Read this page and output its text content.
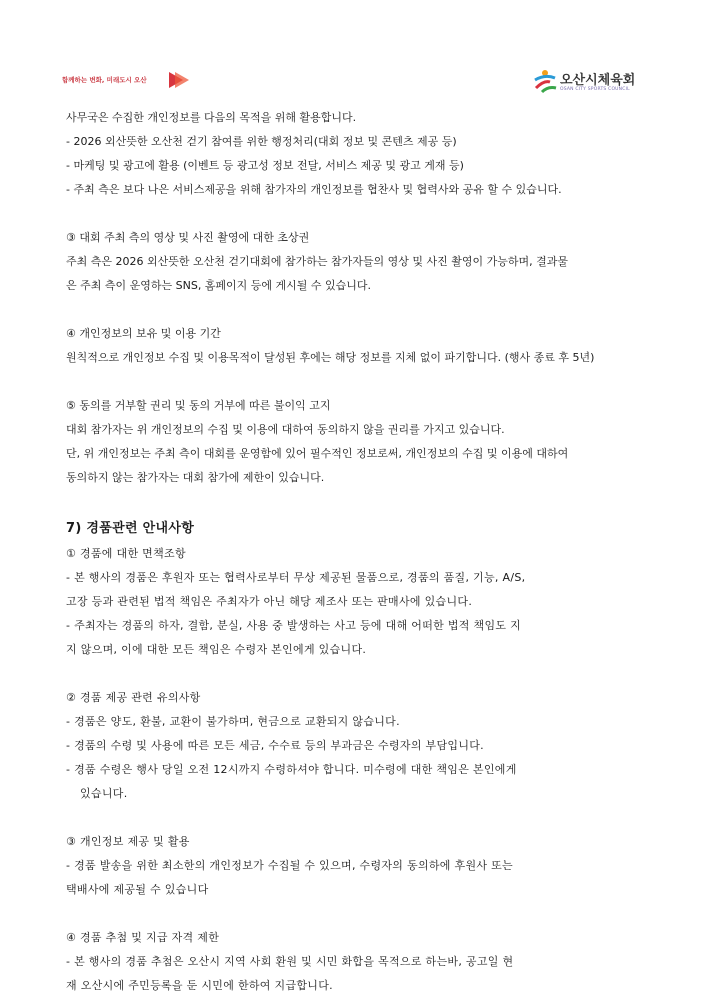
함께하는 변화, 미래도시 오산	오산시체육회
OSAN CITY SPORTS COUNCIL

사무국은 수집한 개인정보를 다음의 목적을 위해 활용합니다.

- 2026 외산뜻한 오산천 걷기 참여를 위한 행정처리(대회 정보 및 콘텐츠 제공 등)

- 마케팅 및 광고에 활용 (이벤트 등 광고성 정보 전달, 서비스 제공 및 광고 게재 등)

- 주최 측은 보다 나은 서비스제공을 위해 참가자의 개인정보를 협찬사 및 협력사와 공유 할 수 있습니다.

③ 대회 주최 측의 영상 및 사진 촬영에 대한 초상권

주최 측은 2026 외산뜻한 오산천 걷기대회에 참가하는 참가자들의 영상 및 사진 촬영이 가능하며, 결과물

은 주최 측이 운영하는 SNS, 홈페이지 등에 게시될 수 있습니다.

④ 개인정보의 보유 및 이용 기간

원칙적으로 개인정보 수집 및 이용목적이 달성된 후에는 해당 정보를 지체 없이 파기합니다. (행사 종료 후 5년)

⑤ 동의를 거부할 권리 및 동의 거부에 따른 불이익 고지

대회 참가자는 위 개인정보의 수집 및 이용에 대하여 동의하지 않을 권리를 가지고 있습니다.

단, 위 개인정보는 주최 측이 대회를 운영함에 있어 필수적인 정보로써, 개인정보의 수집 및 이용에 대하여

동의하지 않는 참가자는 대회 참가에 제한이 있습니다.

7) 경품관련 안내사항

① 경품에 대한 면책조항

- 본 행사의 경품은 후원자 또는 협력사로부터 무상 제공된 물품으로, 경품의 품질, 기능, A/S,

고장 등과 관련된 법적 책임은 주최자가 아닌 해당 제조사 또는 판매사에 있습니다.

- 주최자는 경품의 하자, 결함, 분실, 사용 중 발생하는 사고 등에 대해 어떠한 법적 책임도 지

지 않으며, 이에 대한 모든 책임은 수령자 본인에게 있습니다.

② 경품 제공 관련 유의사항

- 경품은 양도, 환불, 교환이 불가하며, 현금으로 교환되지 않습니다.

- 경품의 수령 및 사용에 따른 모든 세금, 수수료 등의 부과금은 수령자의 부담입니다.

- 경품 수령은 행사 당일 오전 12시까지 수령하셔야 합니다. 미수령에 대한 책임은 본인에게

있습니다.

③ 개인정보 제공 및 활용

- 경품 발송을 위한 최소한의 개인정보가 수집될 수 있으며, 수령자의 동의하에 후원사 또는

택배사에 제공될 수 있습니다

④ 경품 추첨 및 지급 자격 제한

- 본 행사의 경품 추첨은 오산시 지역 사회 환원 및 시민 화합을 목적으로 하는바, 공고일 현

재 오산시에 주민등록을 둔 시민에 한하여 지급합니다.
